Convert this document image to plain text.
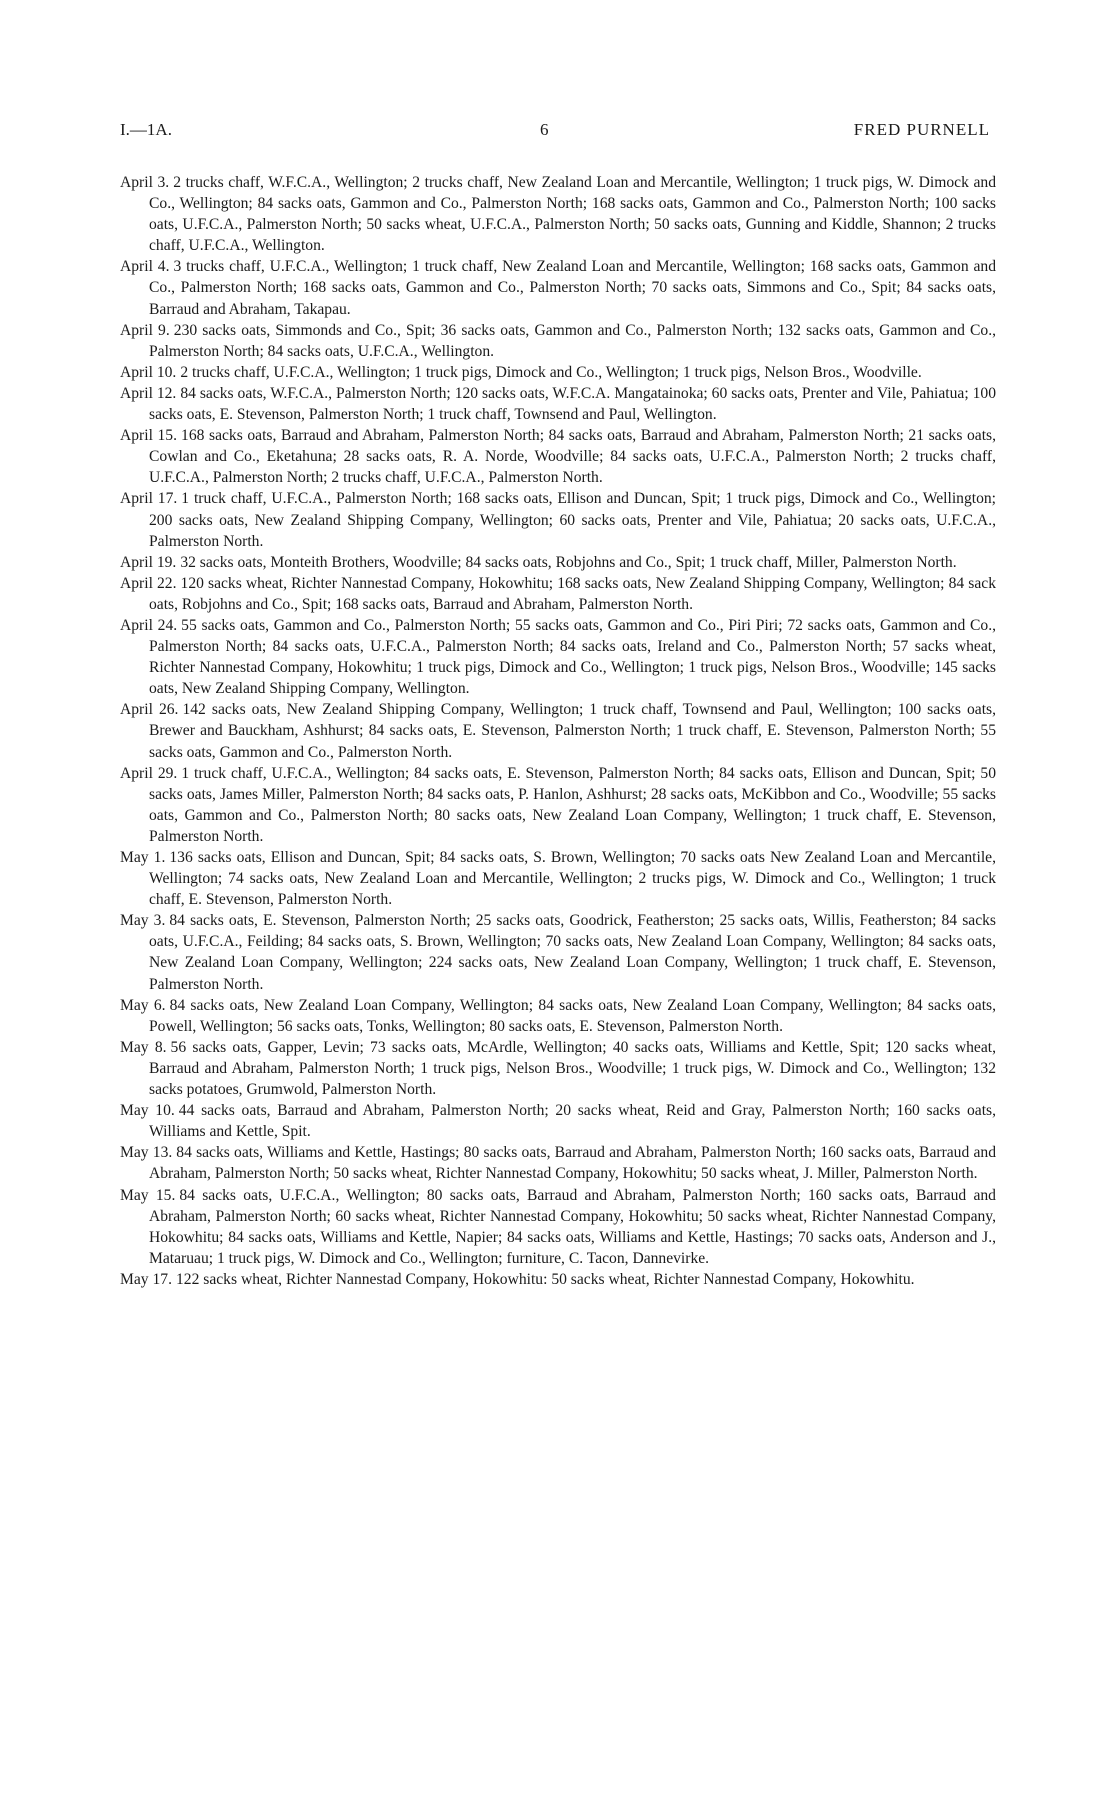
I.—1A.	6	FRED PURNELL

April 3. 2 trucks chaff, W.F.C.A., Wellington; 2 trucks chaff, New Zealand Loan and Mercantile, Wellington; 1 truck pigs, W. Dimock and Co., Wellington; 84 sacks oats, Gammon and Co., Palmerston North; 168 sacks oats, Gammon and Co., Palmerston North; 100 sacks oats, U.F.C.A., Palmerston North; 50 sacks wheat, U.F.C.A., Palmerston North; 50 sacks oats, Gunning and Kiddle, Shannon; 2 trucks chaff, U.F.C.A., Wellington.

April 4. 3 trucks chaff, U.F.C.A., Wellington; 1 truck chaff, New Zealand Loan and Mercantile, Wellington; 168 sacks oats, Gammon and Co., Palmerston North; 168 sacks oats, Gammon and Co., Palmerston North; 70 sacks oats, Simmons and Co., Spit; 84 sacks oats, Barraud and Abraham, Takapau.

April 9. 230 sacks oats, Simmonds and Co., Spit; 36 sacks oats, Gammon and Co., Palmerston North; 132 sacks oats, Gammon and Co., Palmerston North; 84 sacks oats, U.F.C.A., Wellington.

April 10. 2 trucks chaff, U.F.C.A., Wellington; 1 truck pigs, Dimock and Co., Wellington; 1 truck pigs, Nelson Bros., Woodville.

April 12. 84 sacks oats, W.F.C.A., Palmerston North; 120 sacks oats, W.F.C.A. Mangatainoka; 60 sacks oats, Prenter and Vile, Pahiatua; 100 sacks oats, E. Stevenson, Palmerston North; 1 truck chaff, Townsend and Paul, Wellington.

April 15. 168 sacks oats, Barraud and Abraham, Palmerston North; 84 sacks oats, Barraud and Abraham, Palmerston North; 21 sacks oats, Cowlan and Co., Eketahuna; 28 sacks oats, R. A. Norde, Woodville; 84 sacks oats, U.F.C.A., Palmerston North; 2 trucks chaff, U.F.C.A., Palmerston North; 2 trucks chaff, U.F.C.A., Palmerston North.

April 17. 1 truck chaff, U.F.C.A., Palmerston North; 168 sacks oats, Ellison and Duncan, Spit; 1 truck pigs, Dimock and Co., Wellington; 200 sacks oats, New Zealand Shipping Company, Wellington; 60 sacks oats, Prenter and Vile, Pahiatua; 20 sacks oats, U.F.C.A., Palmerston North.

April 19. 32 sacks oats, Monteith Brothers, Woodville; 84 sacks oats, Robjohns and Co., Spit; 1 truck chaff, Miller, Palmerston North.

April 22. 120 sacks wheat, Richter Nannestad Company, Hokowhitu; 168 sacks oats, New Zealand Shipping Company, Wellington; 84 sack oats, Robjohns and Co., Spit; 168 sacks oats, Barraud and Abraham, Palmerston North.

April 24. 55 sacks oats, Gammon and Co., Palmerston North; 55 sacks oats, Gammon and Co., Piri Piri; 72 sacks oats, Gammon and Co., Palmerston North; 84 sacks oats, U.F.C.A., Palmerston North; 84 sacks oats, Ireland and Co., Palmerston North; 57 sacks wheat, Richter Nannestad Company, Hokowhitu; 1 truck pigs, Dimock and Co., Wellington; 1 truck pigs, Nelson Bros., Woodville; 145 sacks oats, New Zealand Shipping Company, Wellington.

April 26. 142 sacks oats, New Zealand Shipping Company, Wellington; 1 truck chaff, Townsend and Paul, Wellington; 100 sacks oats, Brewer and Bauckham, Ashhurst; 84 sacks oats, E. Stevenson, Palmerston North; 1 truck chaff, E. Stevenson, Palmerston North; 55 sacks oats, Gammon and Co., Palmerston North.

April 29. 1 truck chaff, U.F.C.A., Wellington; 84 sacks oats, E. Stevenson, Palmerston North; 84 sacks oats, Ellison and Duncan, Spit; 50 sacks oats, James Miller, Palmerston North; 84 sacks oats, P. Hanlon, Ashhurst; 28 sacks oats, McKibbon and Co., Woodville; 55 sacks oats, Gammon and Co., Palmerston North; 80 sacks oats, New Zealand Loan Company, Wellington; 1 truck chaff, E. Stevenson, Palmerston North.

May 1. 136 sacks oats, Ellison and Duncan, Spit; 84 sacks oats, S. Brown, Wellington; 70 sacks oats New Zealand Loan and Mercantile, Wellington; 74 sacks oats, New Zealand Loan and Mercantile, Wellington; 2 trucks pigs, W. Dimock and Co., Wellington; 1 truck chaff, E. Stevenson, Palmerston North.

May 3. 84 sacks oats, E. Stevenson, Palmerston North; 25 sacks oats, Goodrick, Featherston; 25 sacks oats, Willis, Featherston; 84 sacks oats, U.F.C.A., Feilding; 84 sacks oats, S. Brown, Wellington; 70 sacks oats, New Zealand Loan Company, Wellington; 84 sacks oats, New Zealand Loan Company, Wellington; 224 sacks oats, New Zealand Loan Company, Wellington; 1 truck chaff, E. Stevenson, Palmerston North.

May 6. 84 sacks oats, New Zealand Loan Company, Wellington; 84 sacks oats, New Zealand Loan Company, Wellington; 84 sacks oats, Powell, Wellington; 56 sacks oats, Tonks, Wellington; 80 sacks oats, E. Stevenson, Palmerston North.

May 8. 56 sacks oats, Gapper, Levin; 73 sacks oats, McArdle, Wellington; 40 sacks oats, Williams and Kettle, Spit; 120 sacks wheat, Barraud and Abraham, Palmerston North; 1 truck pigs, Nelson Bros., Woodville; 1 truck pigs, W. Dimock and Co., Wellington; 132 sacks potatoes, Grumwold, Palmerston North.

May 10. 44 sacks oats, Barraud and Abraham, Palmerston North; 20 sacks wheat, Reid and Gray, Palmerston North; 160 sacks oats, Williams and Kettle, Spit.

May 13. 84 sacks oats, Williams and Kettle, Hastings; 80 sacks oats, Barraud and Abraham, Palmerston North; 160 sacks oats, Barraud and Abraham, Palmerston North; 50 sacks wheat, Richter Nannestad Company, Hokowhitu; 50 sacks wheat, J. Miller, Palmerston North.

May 15. 84 sacks oats, U.F.C.A., Wellington; 80 sacks oats, Barraud and Abraham, Palmerston North; 160 sacks oats, Barraud and Abraham, Palmerston North; 60 sacks wheat, Richter Nannestad Company, Hokowhitu; 50 sacks wheat, Richter Nannestad Company, Hokowhitu; 84 sacks oats, Williams and Kettle, Napier; 84 sacks oats, Williams and Kettle, Hastings; 70 sacks oats, Anderson and J., Mataruau; 1 truck pigs, W. Dimock and Co., Wellington; furniture, C. Tacon, Dannevirke.

May 17. 122 sacks wheat, Richter Nannestad Company, Hokowhitu: 50 sacks wheat, Richter Nannestad Company, Hokowhitu.
